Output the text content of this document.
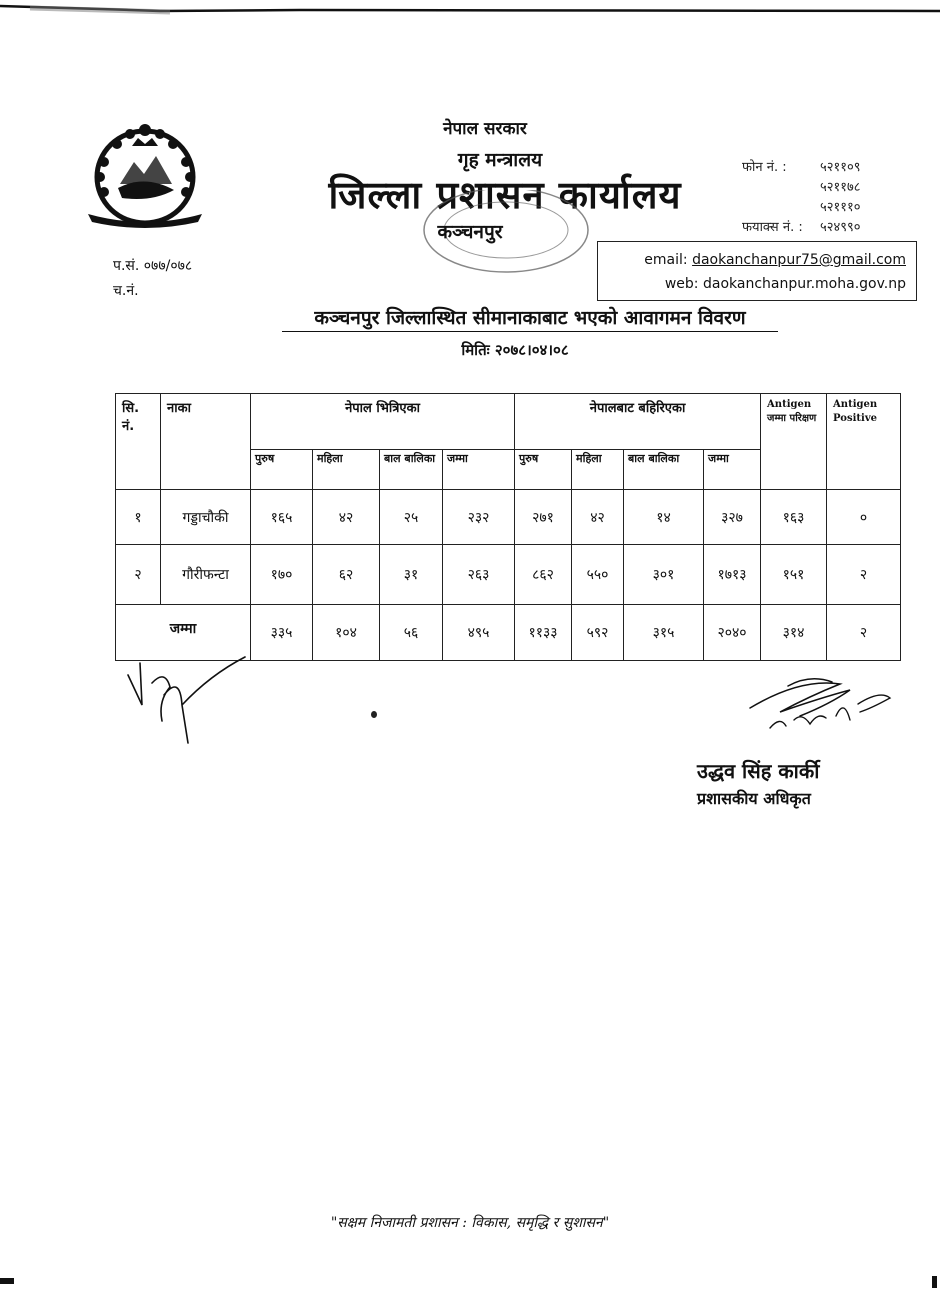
नेपाल सरकार
गृह मन्त्रालय
जिल्ला प्रशासन कार्यालय
कञ्चनपुर
फोन नं. :	५२११०९
५२११७८
५२१११०
फयाक्स नं. :	५२४९९०
email: daokanchanpur75@gmail.com
web: daokanchanpur.moha.gov.np
प.सं. ०७७/०७८
च.नं.
कञ्चनपुर जिल्लास्थित सीमानाकाबाट भएको आवागमन विवरण
मितिः २०७८।०४।०८
सि. नं.	नाका	नेपाल भित्रिएका				नेपालबाट बहिरिएका				Antigen जम्मा परिक्षण	Antigen Positive
		पुरुष	महिला	बाल बालिका	जम्मा	पुरुष	महिला	बाल बालिका	जम्मा		
१	गड्डाचौकी	१६५	४२	२५	२३२	२७१	४२	१४	३२७	१६३	०
२	गौरीफन्टा	१७०	६२	३१	२६३	८६२	५५०	३०१	१७१३	१५१	२
जम्मा		३३५	१०४	५६	४९५	११३३	५९२	३१५	२०४०	३१४	२
उद्धव सिंह कार्की
प्रशासकीय अधिकृत
"सक्षम निजामती प्रशासन : विकास, समृद्धि र सुशासन"
